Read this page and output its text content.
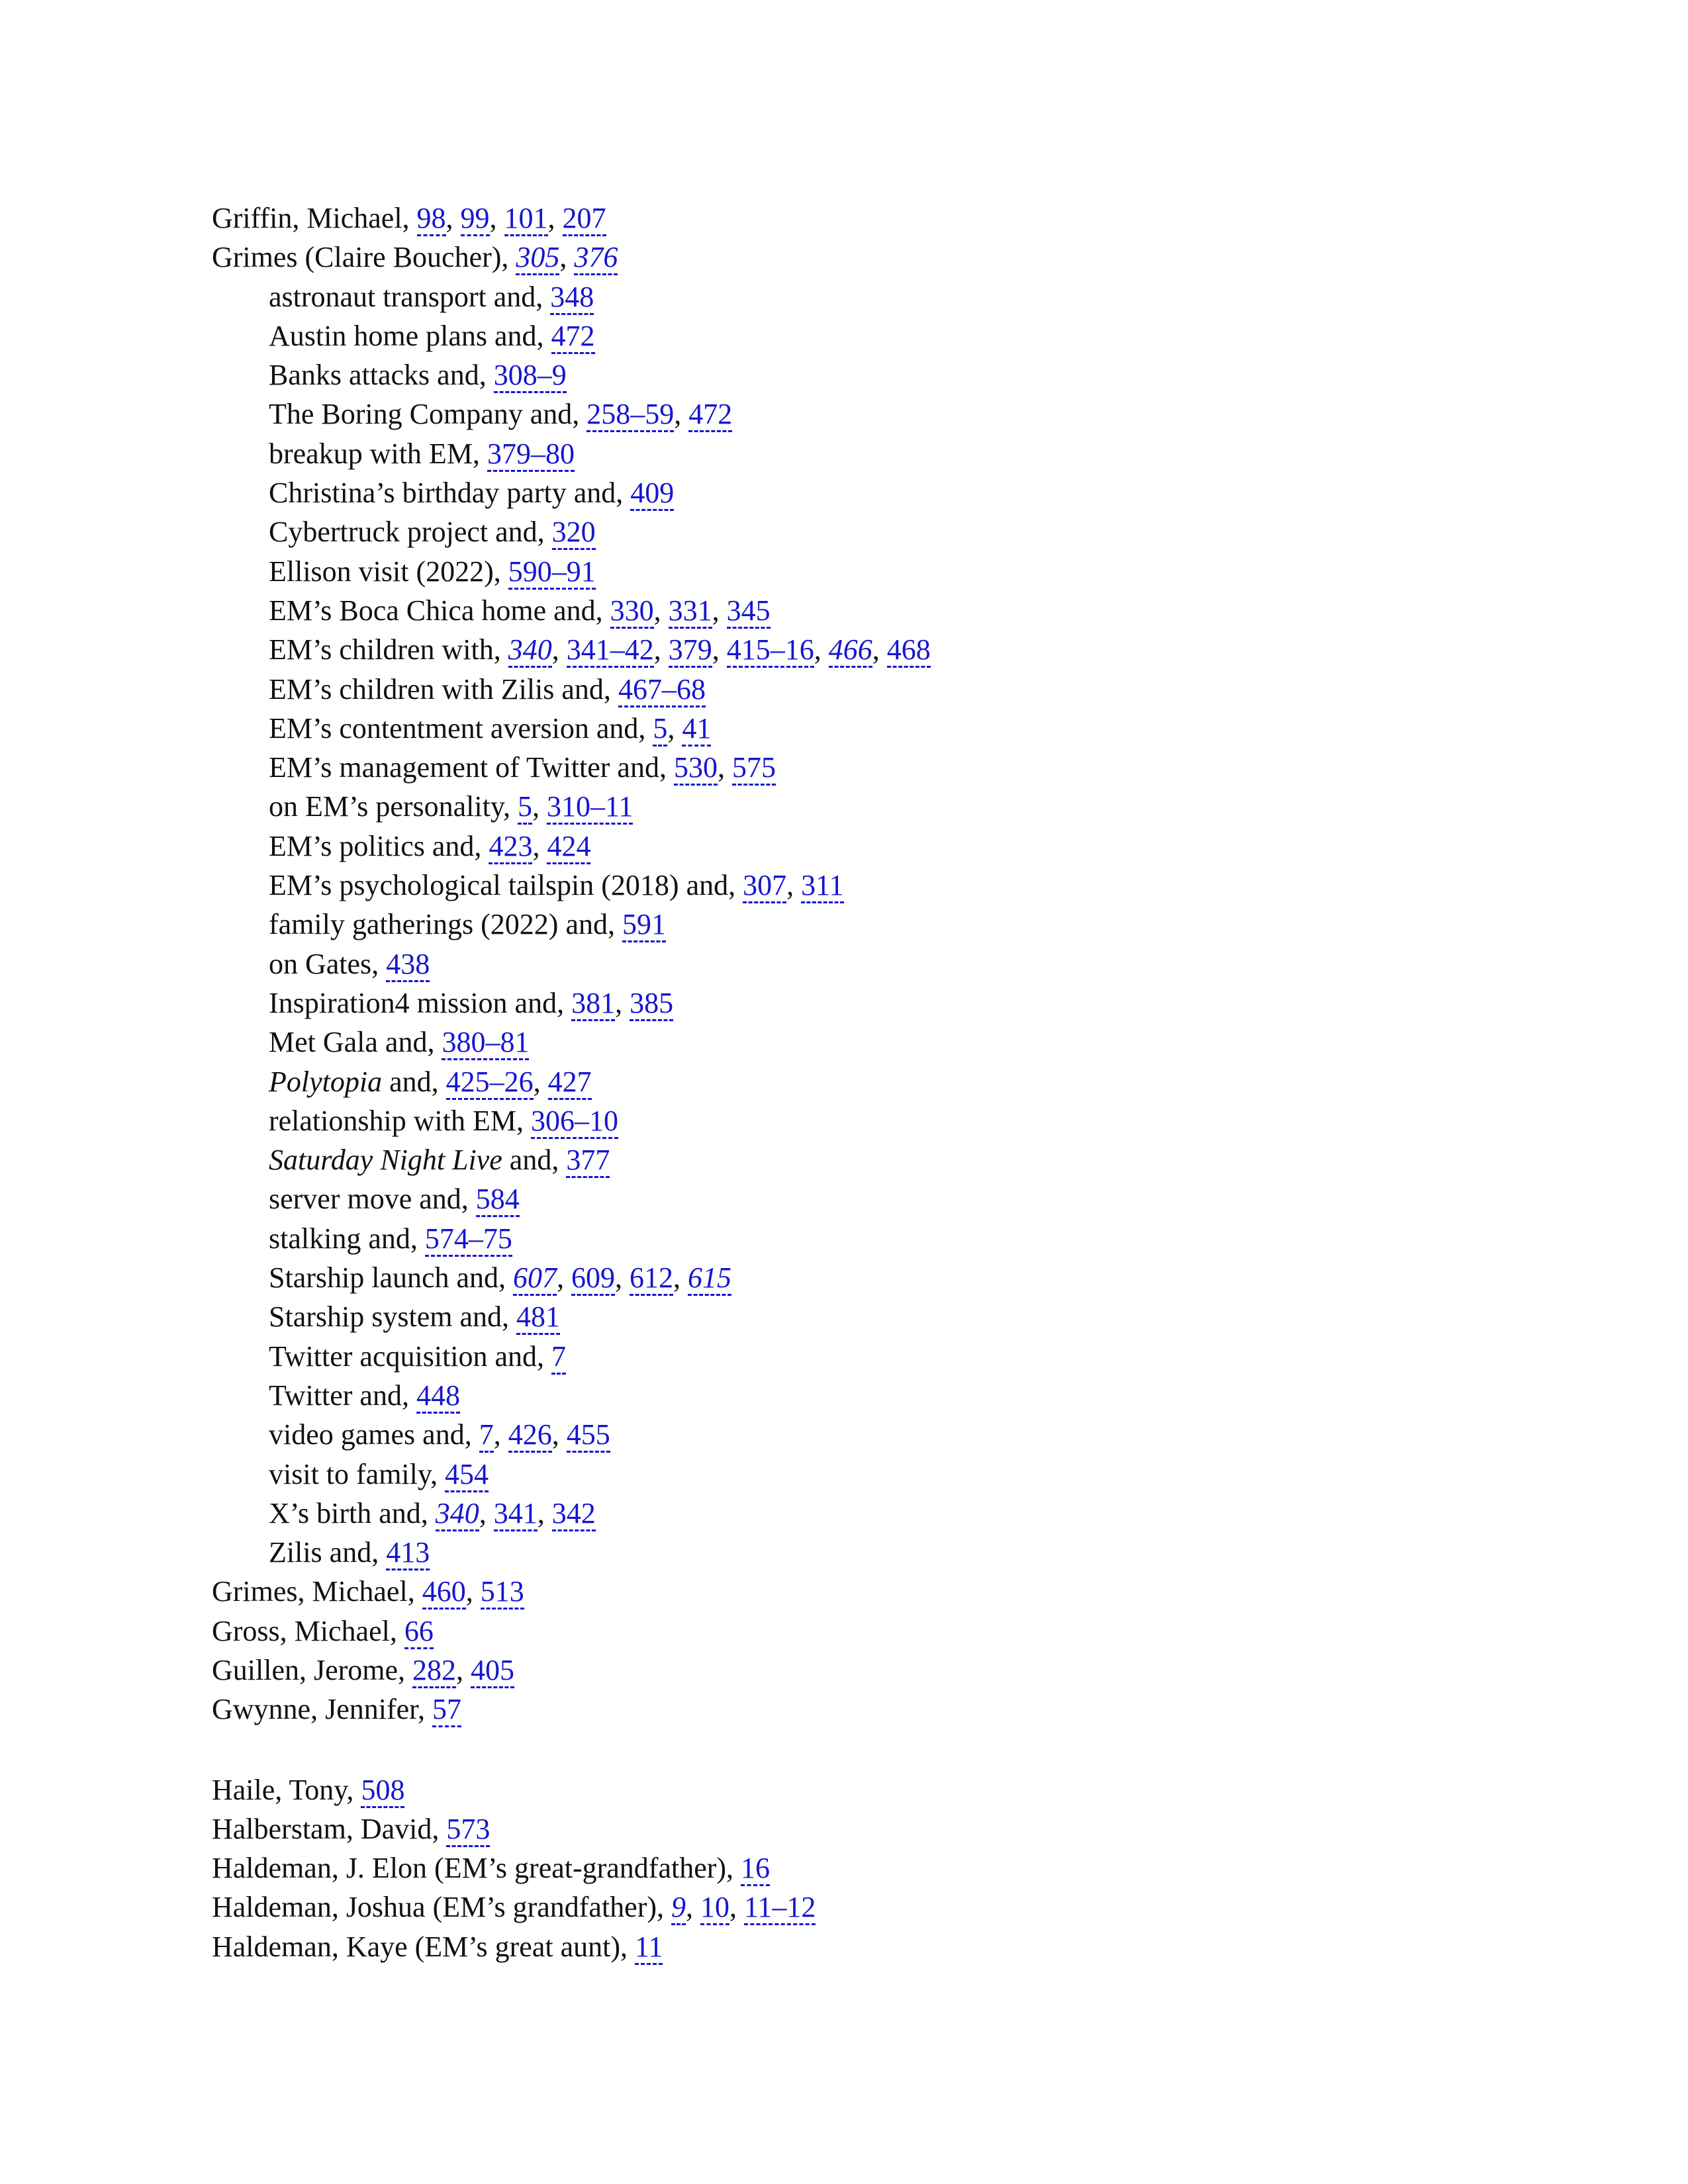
Griffin, Michael, 98, 99, 101, 207
Grimes (Claire Boucher), 305, 376
astronaut transport and, 348
Austin home plans and, 472
Banks attacks and, 308–9
The Boring Company and, 258–59, 472
breakup with EM, 379–80
Christina’s birthday party and, 409
Cybertruck project and, 320
Ellison visit (2022), 590–91
EM’s Boca Chica home and, 330, 331, 345
EM’s children with, 340, 341–42, 379, 415–16, 466, 468
EM’s children with Zilis and, 467–68
EM’s contentment aversion and, 5, 41
EM’s management of Twitter and, 530, 575
on EM’s personality, 5, 310–11
EM’s politics and, 423, 424
EM’s psychological tailspin (2018) and, 307, 311
family gatherings (2022) and, 591
on Gates, 438
Inspiration4 mission and, 381, 385
Met Gala and, 380–81
Polytopia and, 425–26, 427
relationship with EM, 306–10
Saturday Night Live and, 377
server move and, 584
stalking and, 574–75
Starship launch and, 607, 609, 612, 615
Starship system and, 481
Twitter acquisition and, 7
Twitter and, 448
video games and, 7, 426, 455
visit to family, 454
X’s birth and, 340, 341, 342
Zilis and, 413
Grimes, Michael, 460, 513
Gross, Michael, 66
Guillen, Jerome, 282, 405
Gwynne, Jennifer, 57
Haile, Tony, 508
Halberstam, David, 573
Haldeman, J. Elon (EM’s great-grandfather), 16
Haldeman, Joshua (EM’s grandfather), 9, 10, 11–12
Haldeman, Kaye (EM’s great aunt), 11
